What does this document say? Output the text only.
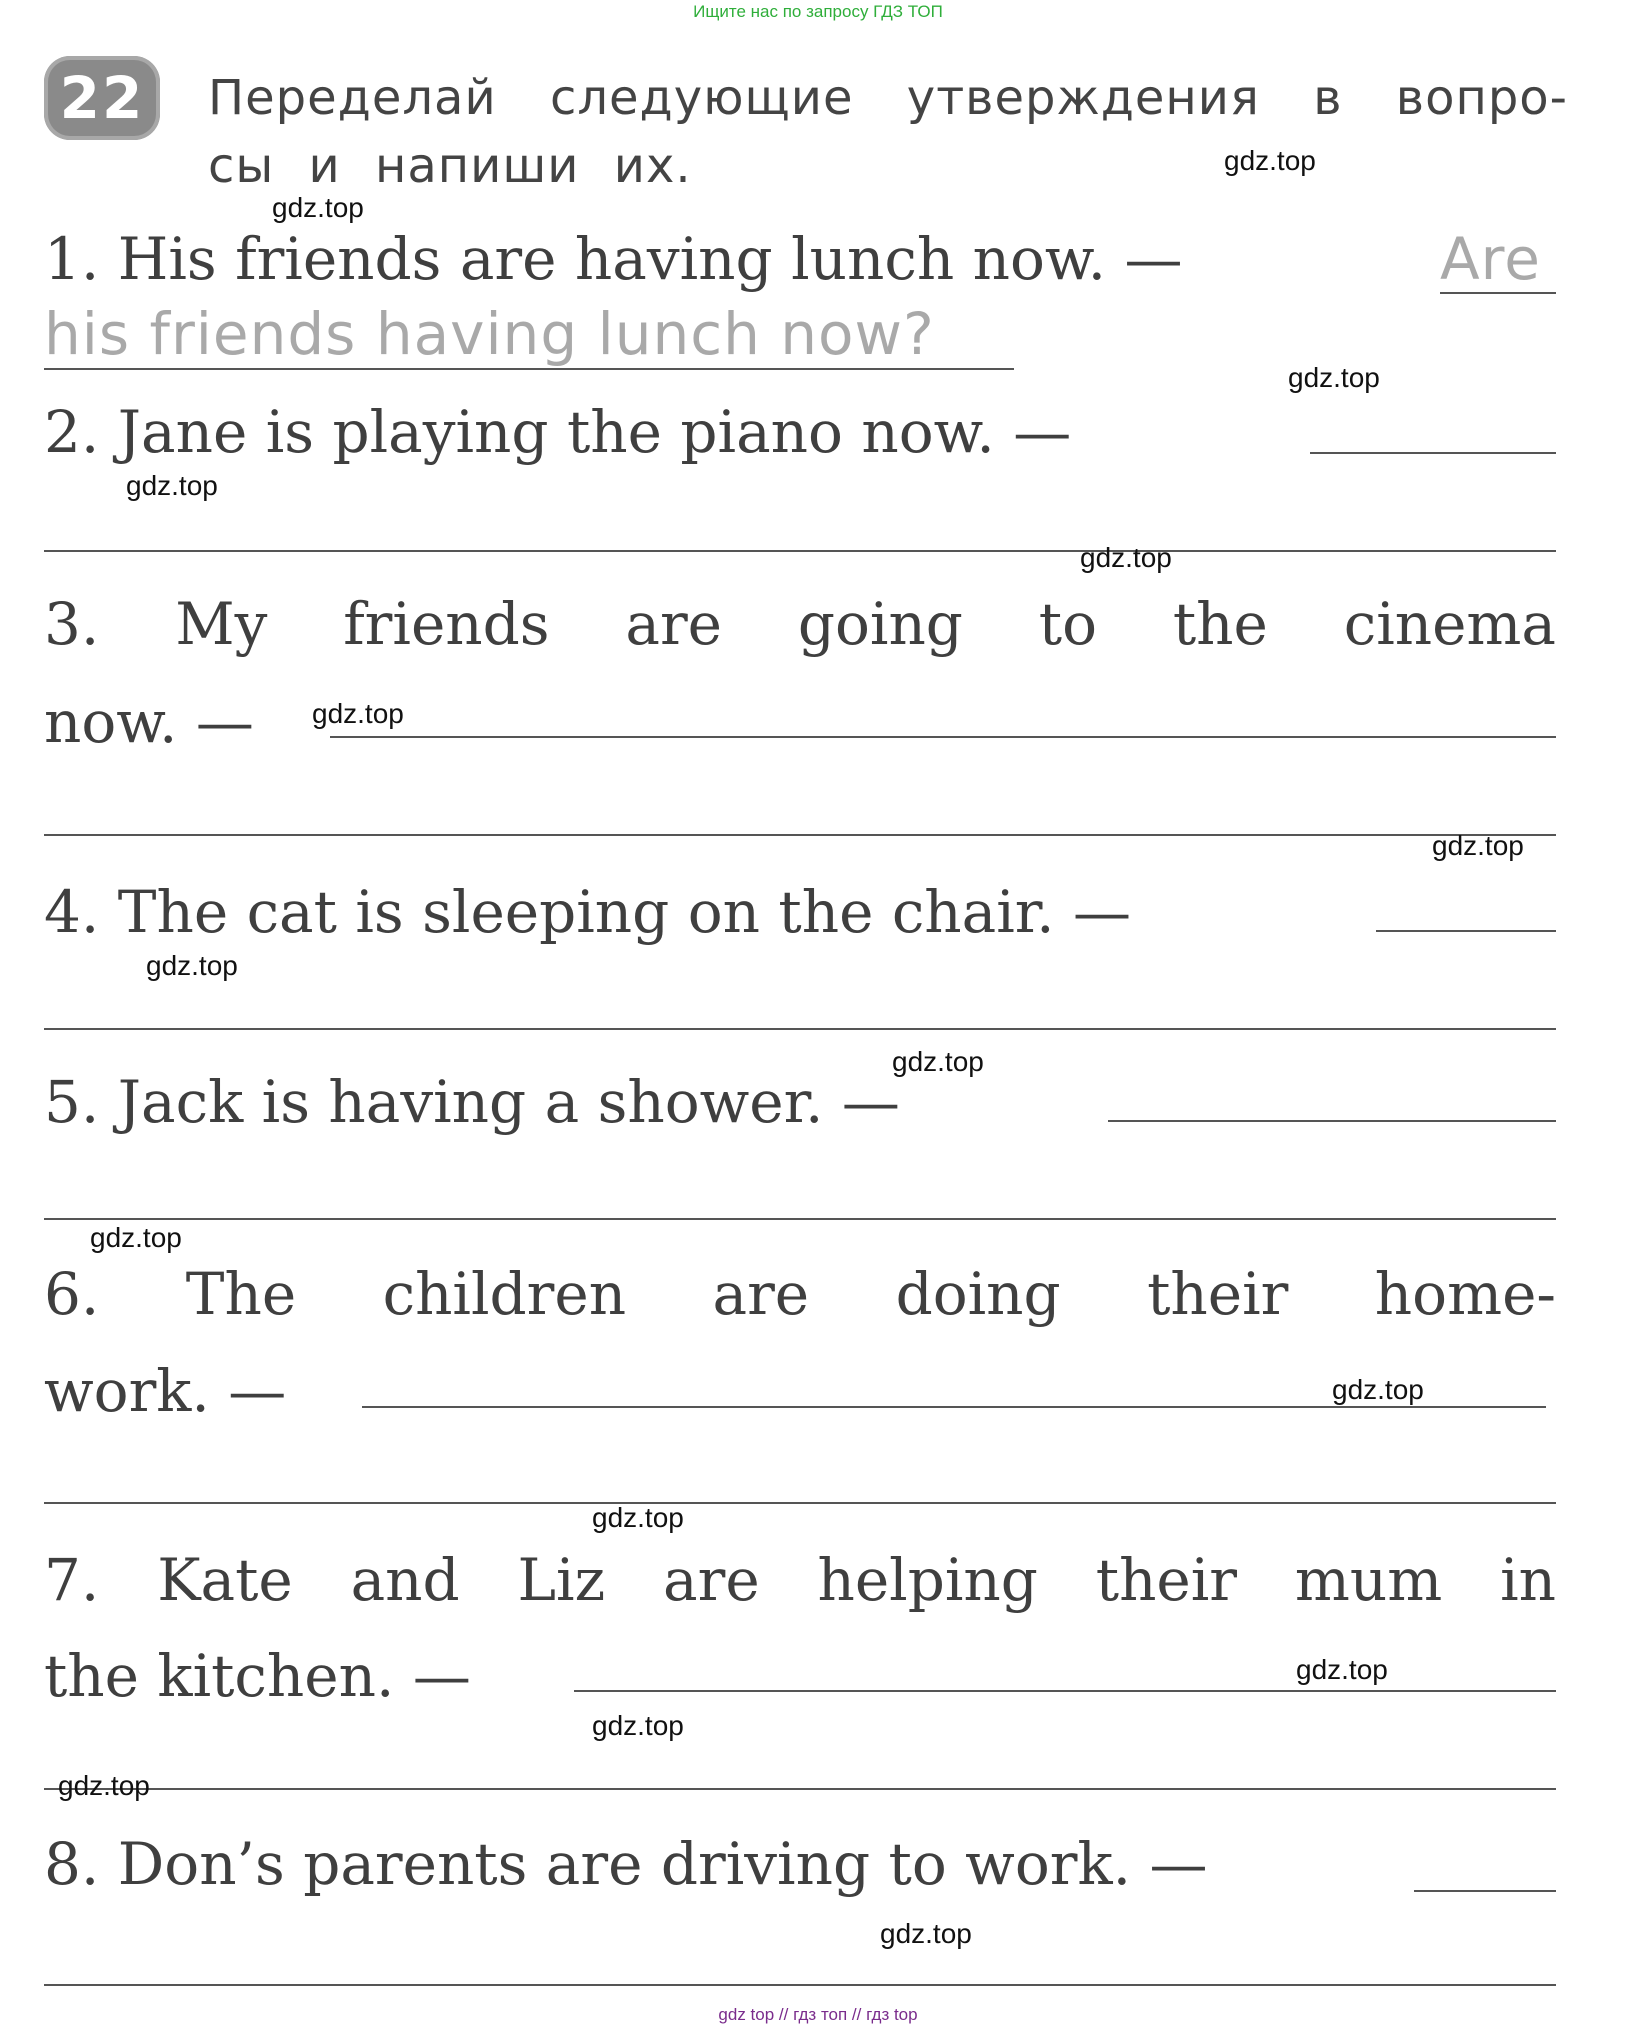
Ищите нас по запросу ГДЗ ТОП
22	Переделай следующие утверждения в вопро-
сы и напиши их.
1. His friends are having lunch now. —	Are
his friends having lunch now?
2. Jane is playing the piano now. —
3. My friends are going to the cinema
now. —
4. The cat is sleeping on the chair. —
5. Jack is having a shower. —
6. The children are doing their home-
work. —
7. Kate and Liz are helping their mum in
the kitchen. —
8. Don’s parents are driving to work. —
gdz.top
gdz.top
gdz.top
gdz.top
gdz.top
gdz.top
gdz.top
gdz.top
gdz.top
gdz.top
gdz.top
gdz.top
gdz.top
gdz.top
gdz.top
gdz.top
gdz top // гдз топ // гдз top
